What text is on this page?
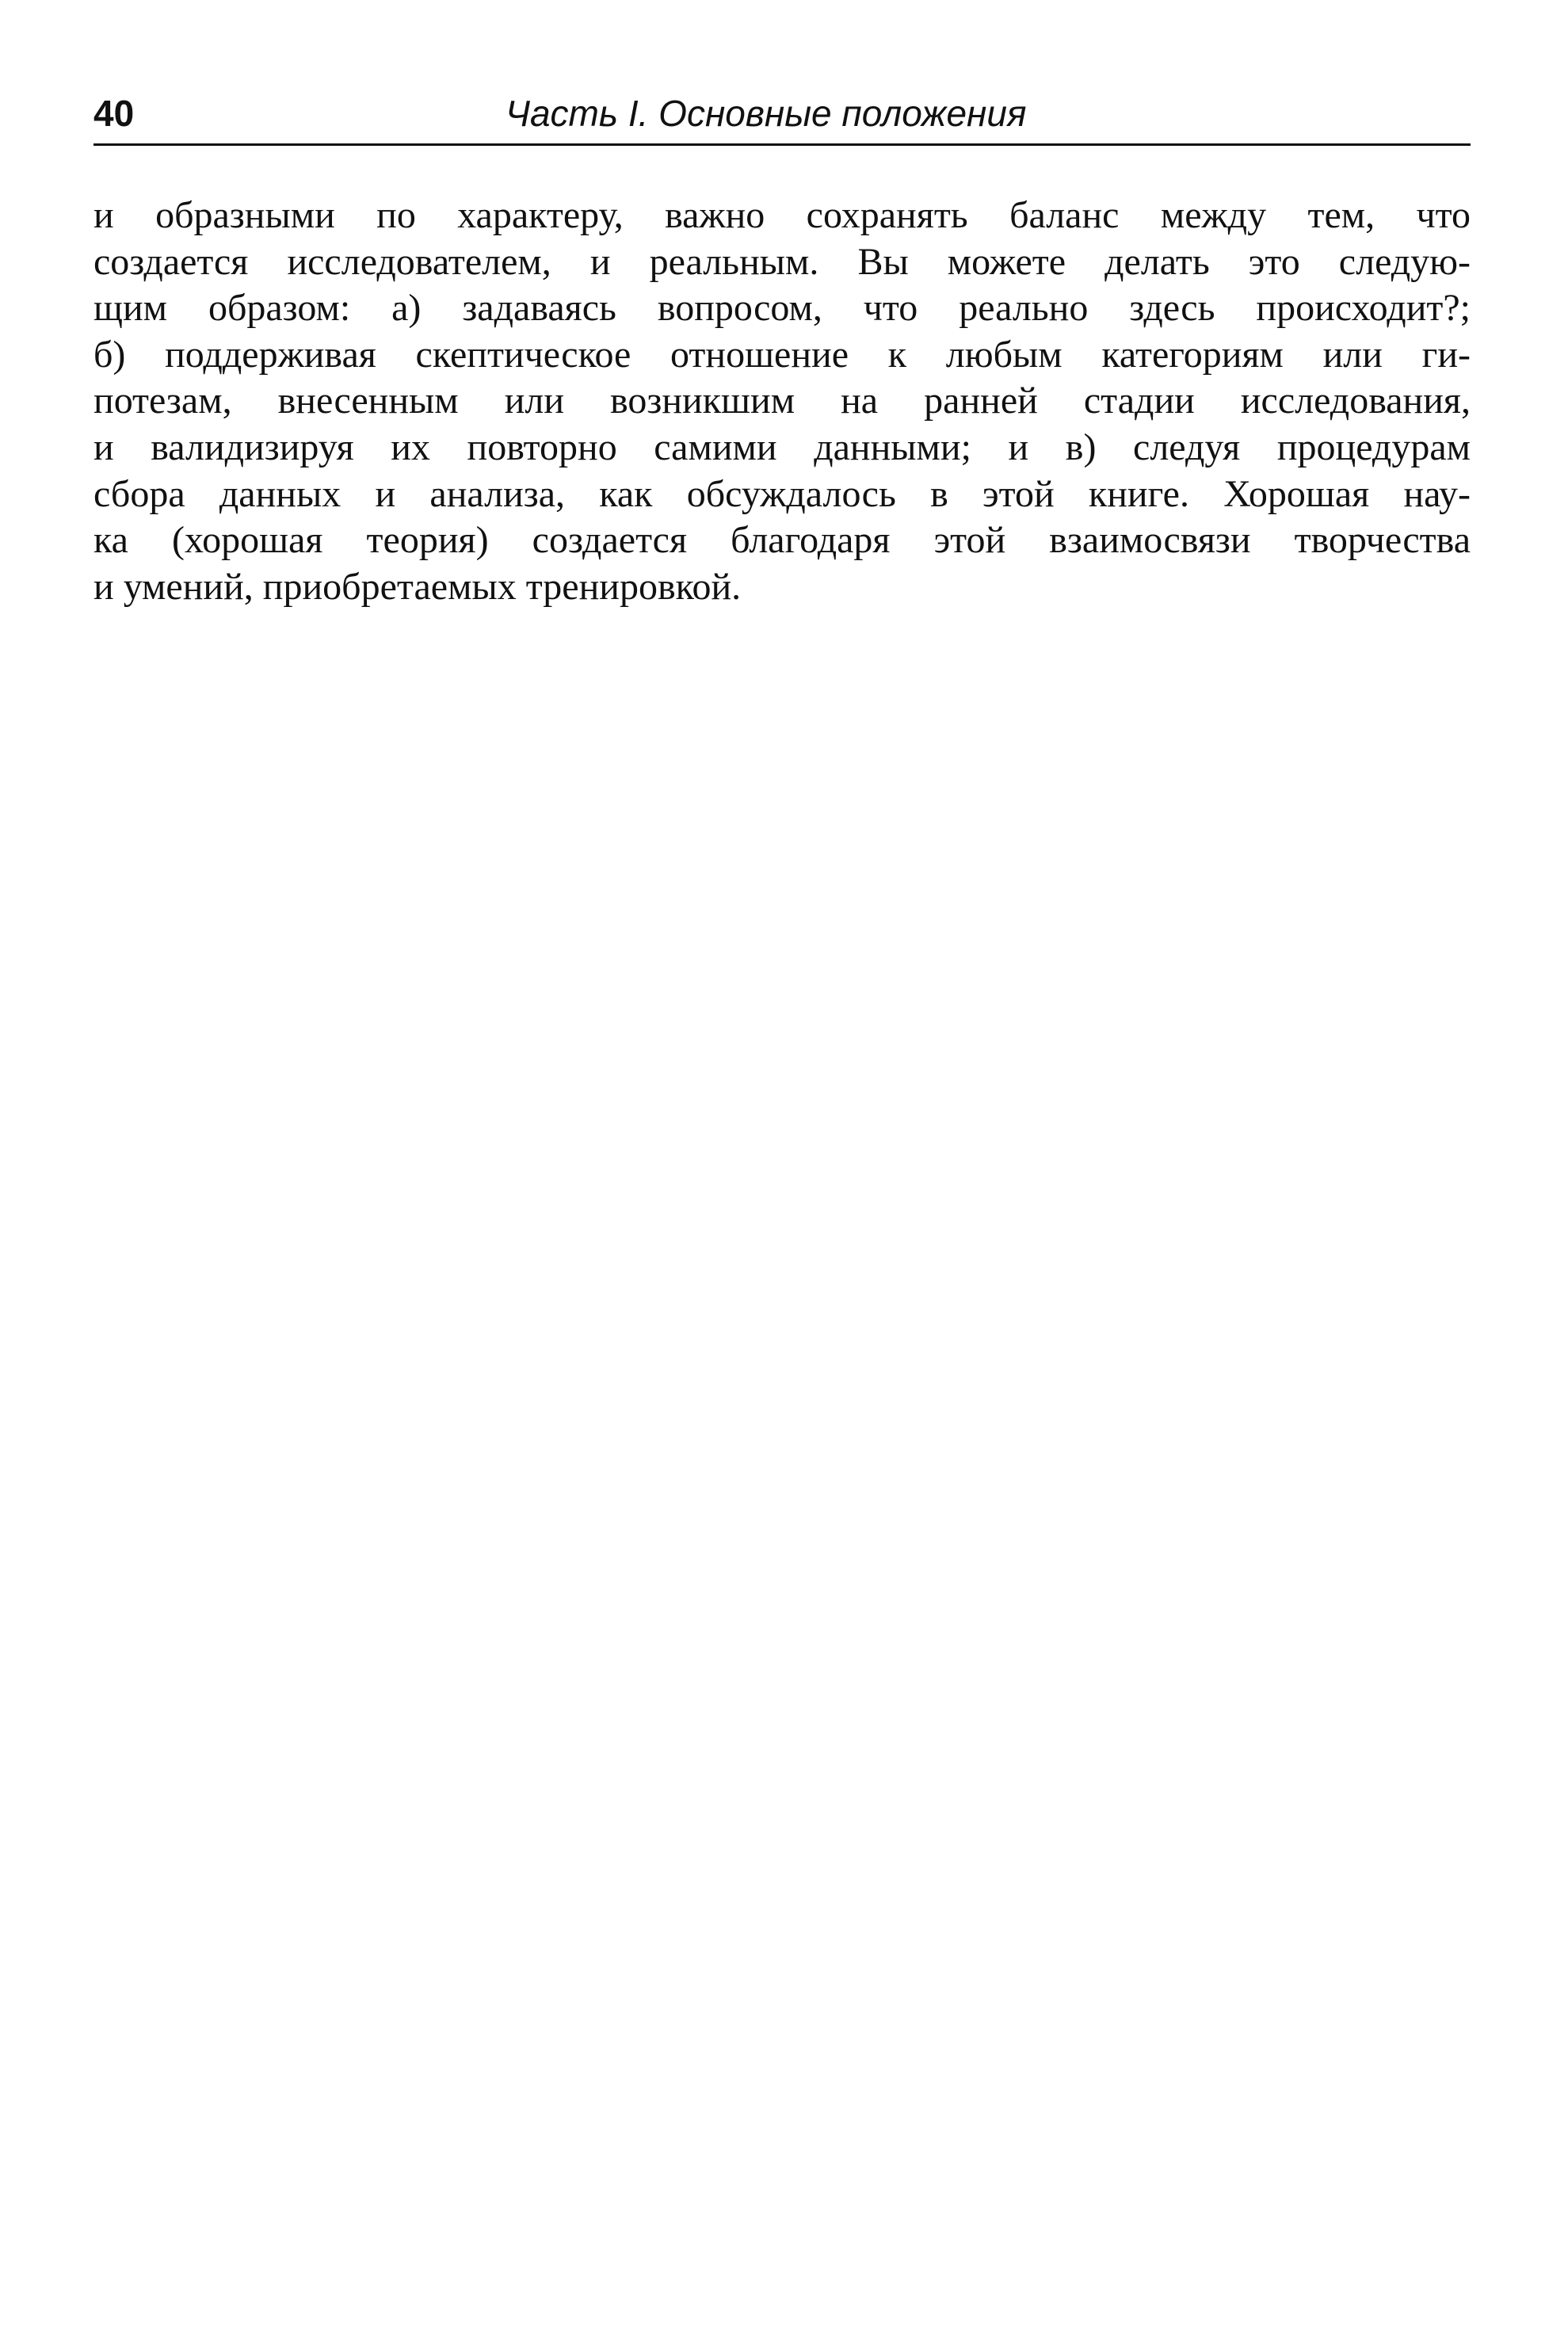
40	Часть I. Основные положения

и образными по характеру, важно сохранять баланс между тем, что
создается исследователем, и реальным. Вы можете делать это следую-
щим образом: а) задаваясь вопросом, что реально здесь происходит?;
б) поддерживая скептическое отношение к любым категориям или ги-
потезам, внесенным или возникшим на ранней стадии исследования,
и валидизируя их повторно самими данными; и в) следуя процедурам
сбора данных и анализа, как обсуждалось в этой книге. Хорошая нау-
ка (хорошая теория) создается благодаря этой взаимосвязи творчества
и умений, приобретаемых тренировкой.
